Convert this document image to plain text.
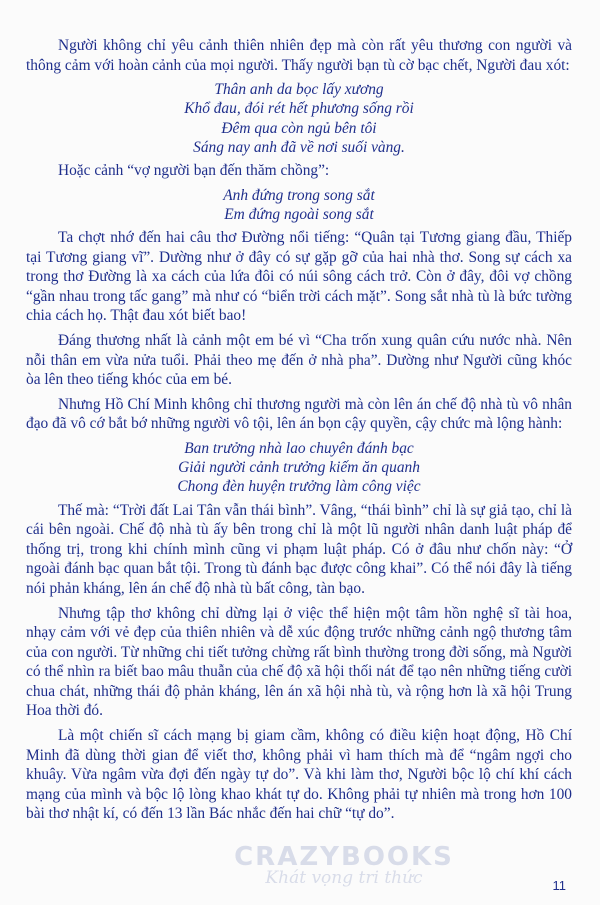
Người không chỉ yêu cảnh thiên nhiên đẹp mà còn rất yêu thương con người và thông cảm với hoàn cảnh của mọi người. Thấy người bạn tù cờ bạc chết, Người đau xót:

Thân anh da bọc lấy xương
Khổ đau, đói rét hết phương sống rồi
Đêm qua còn ngủ bên tôi
Sáng nay anh đã về nơi suối vàng.

Hoặc cảnh “vợ người bạn đến thăm chồng”:

Anh đứng trong song sắt
Em đứng ngoài song sắt

Ta chợt nhớ đến hai câu thơ Đường nổi tiếng: “Quân tại Tương giang đầu, Thiếp tại Tương giang vĩ”. Dường như ở đây có sự gặp gỡ của hai nhà thơ. Song sự cách xa trong thơ Đường là xa cách của lứa đôi có núi sông cách trở. Còn ở đây, đôi vợ chồng “gần nhau trong tấc gang” mà như có “biển trời cách mặt”. Song sắt nhà tù là bức tường chia cách họ. Thật đau xót biết bao!

Đáng thương nhất là cảnh một em bé vì “Cha trốn xung quân cứu nước nhà. Nên nỗi thân em vừa nửa tuổi. Phải theo mẹ đến ở nhà pha”. Dường như Người cũng khóc òa lên theo tiếng khóc của em bé.

Nhưng Hồ Chí Minh không chỉ thương người mà còn lên án chế độ nhà tù vô nhân đạo đã vô cớ bắt bớ những người vô tội, lên án bọn cậy quyền, cậy chức mà lộng hành:

Ban trưởng nhà lao chuyên đánh bạc
Giải người cảnh trưởng kiếm ăn quanh
Chong đèn huyện trưởng làm công việc

Thế mà: “Trời đất Lai Tân vẫn thái bình”. Vâng, “thái bình” chỉ là sự giả tạo, chỉ là cái bên ngoài. Chế độ nhà tù ấy bên trong chỉ là một lũ người nhân danh luật pháp để thống trị, trong khi chính mình cũng vi phạm luật pháp. Có ở đâu như chốn này: “Ở ngoài đánh bạc quan bắt tội. Trong tù đánh bạc được công khai”. Có thể nói đây là tiếng nói phản kháng, lên án chế độ nhà tù bất công, tàn bạo.

Nhưng tập thơ không chỉ dừng lại ở việc thể hiện một tâm hồn nghệ sĩ tài hoa, nhạy cảm với vẻ đẹp của thiên nhiên và dễ xúc động trước những cảnh ngộ thương tâm của con người. Từ những chi tiết tưởng chừng rất bình thường trong đời sống, mà Người có thể nhìn ra biết bao mâu thuẫn của chế độ xã hội thối nát để tạo nên những tiếng cười chua chát, những thái độ phản kháng, lên án xã hội nhà tù, và rộng hơn là xã hội Trung Hoa thời đó.

Là một chiến sĩ cách mạng bị giam cầm, không có điều kiện hoạt động, Hồ Chí Minh đã dùng thời gian để viết thơ, không phải vì ham thích mà để “ngâm ngợi cho khuây. Vừa ngâm vừa đợi đến ngày tự do”. Và khi làm thơ, Người bộc lộ chí khí cách mạng của mình và bộc lộ lòng khao khát tự do. Không phải tự nhiên mà trong hơn 100 bài thơ nhật kí, có đến 13 lần Bác nhắc đến hai chữ “tự do”.

CRAZYBOOKS
Khát vọng tri thức	11
